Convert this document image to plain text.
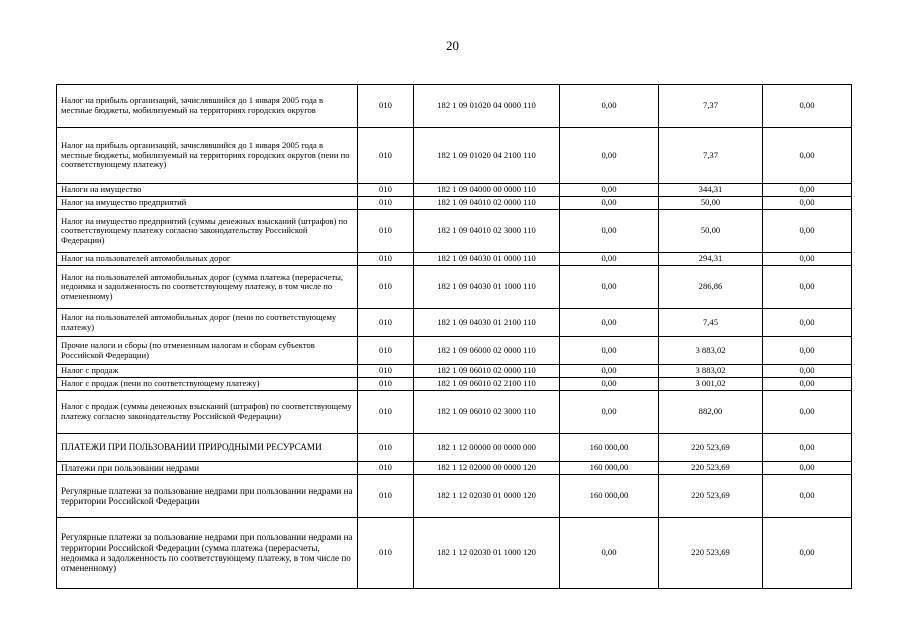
20
Налог на прибыль организаций, зачислявшийся до 1 января 2005 года в местные бюджеты, мобилизуемый на территориях городских округов	010	182 1 09 01020 04 0000 110	0,00	7,37	0,00
Налог на прибыль организаций, зачислявшийся до 1 января 2005 года в местные бюджеты, мобилизуемый на территориях городских округов (пени по соответствующему платежу)	010	182 1 09 01020 04 2100 110	0,00	7,37	0,00
Налоги на имущество	010	182 1 09 04000 00 0000 110	0,00	344,31	0,00
Налог на имущество предприятий	010	182 1 09 04010 02 0000 110	0,00	50,00	0,00
Налог на имущество предприятий (суммы денежных взысканий (штрафов) по соответствующему платежу согласно законодательству Российской Федерации)	010	182 1 09 04010 02 3000 110	0,00	50,00	0,00
Налог на пользователей автомобильных дорог	010	182 1 09 04030 01 0000 110	0,00	294,31	0,00
Налог на пользователей автомобильных дорог (сумма платежа (перерасчеты, недоимка и задолженность по соответствующему платежу, в том числе по отмененному)	010	182 1 09 04030 01 1000 110	0,00	286,86	0,00
Налог на пользователей автомобильных дорог (пени по соответствующему платежу)	010	182 1 09 04030 01 2100 110	0,00	7,45	0,00
Прочие налоги и сборы (по отмененным налогам и сборам субъектов Российской Федерации)	010	182 1 09 06000 02 0000 110	0,00	3 883,02	0,00
Налог с продаж	010	182 1 09 06010 02 0000 110	0,00	3 883,02	0,00
Налог с продаж (пени по соответствующему платежу)	010	182 1 09 06010 02 2100 110	0,00	3 001,02	0,00
Налог с продаж (суммы денежных взысканий (штрафов) по соответствующему платежу согласно законодательству Российской Федерации)	010	182 1 09 06010 02 3000 110	0,00	882,00	0,00
ПЛАТЕЖИ ПРИ ПОЛЬЗОВАНИИ ПРИРОДНЫМИ РЕСУРСАМИ	010	182 1 12 00000 00 0000 000	160 000,00	220 523,69	0,00
Платежи при пользовании недрами	010	182 1 12 02000 00 0000 120	160 000,00	220 523,69	0,00
Регулярные платежи за пользование недрами при пользовании недрами на территории Российской Федерации	010	182 1 12 02030 01 0000 120	160 000,00	220 523,69	0,00
Регулярные платежи за пользование недрами при пользовании недрами на территории Российской Федерации (сумма платежа (перерасчеты, недоимка и задолженность по соответствующему платежу, в том числе по отмененному)	010	182 1 12 02030 01 1000 120	0,00	220 523,69	0,00
